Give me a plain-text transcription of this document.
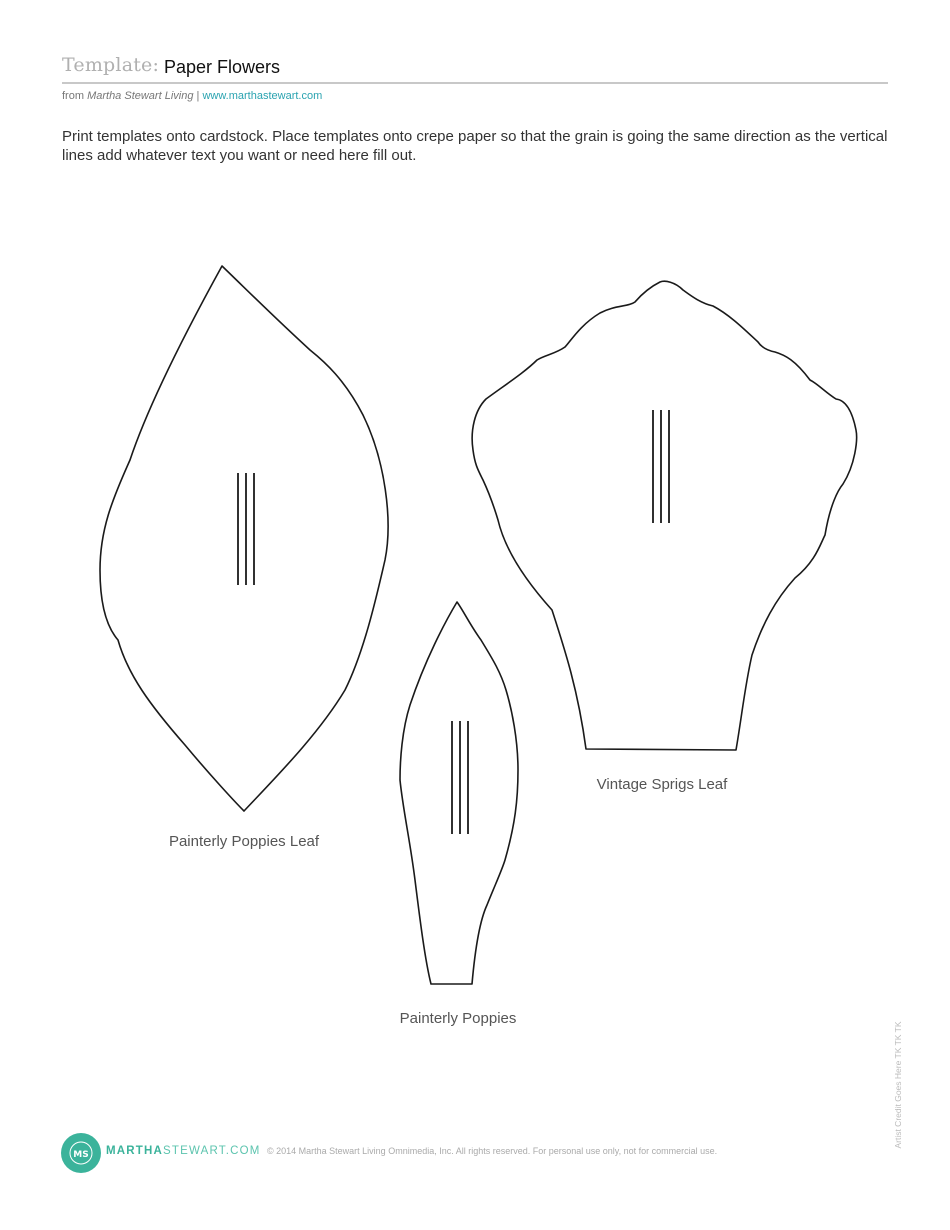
Template: Paper Flowers
from Martha Stewart Living | www.marthastewart.com
Print templates onto cardstock. Place templates onto crepe paper so that the grain is going the same direction as the vertical lines add whatever text you want or need here fill out.
Painterly Poppies Leaf
Vintage Sprigs Leaf
Painterly Poppies
MS MARTHASTEWART.COM © 2014 Martha Stewart Living Omnimedia, Inc. All rights reserved. For personal use only, not for commercial use.
Artist Credit Goes Here TK TK TK
